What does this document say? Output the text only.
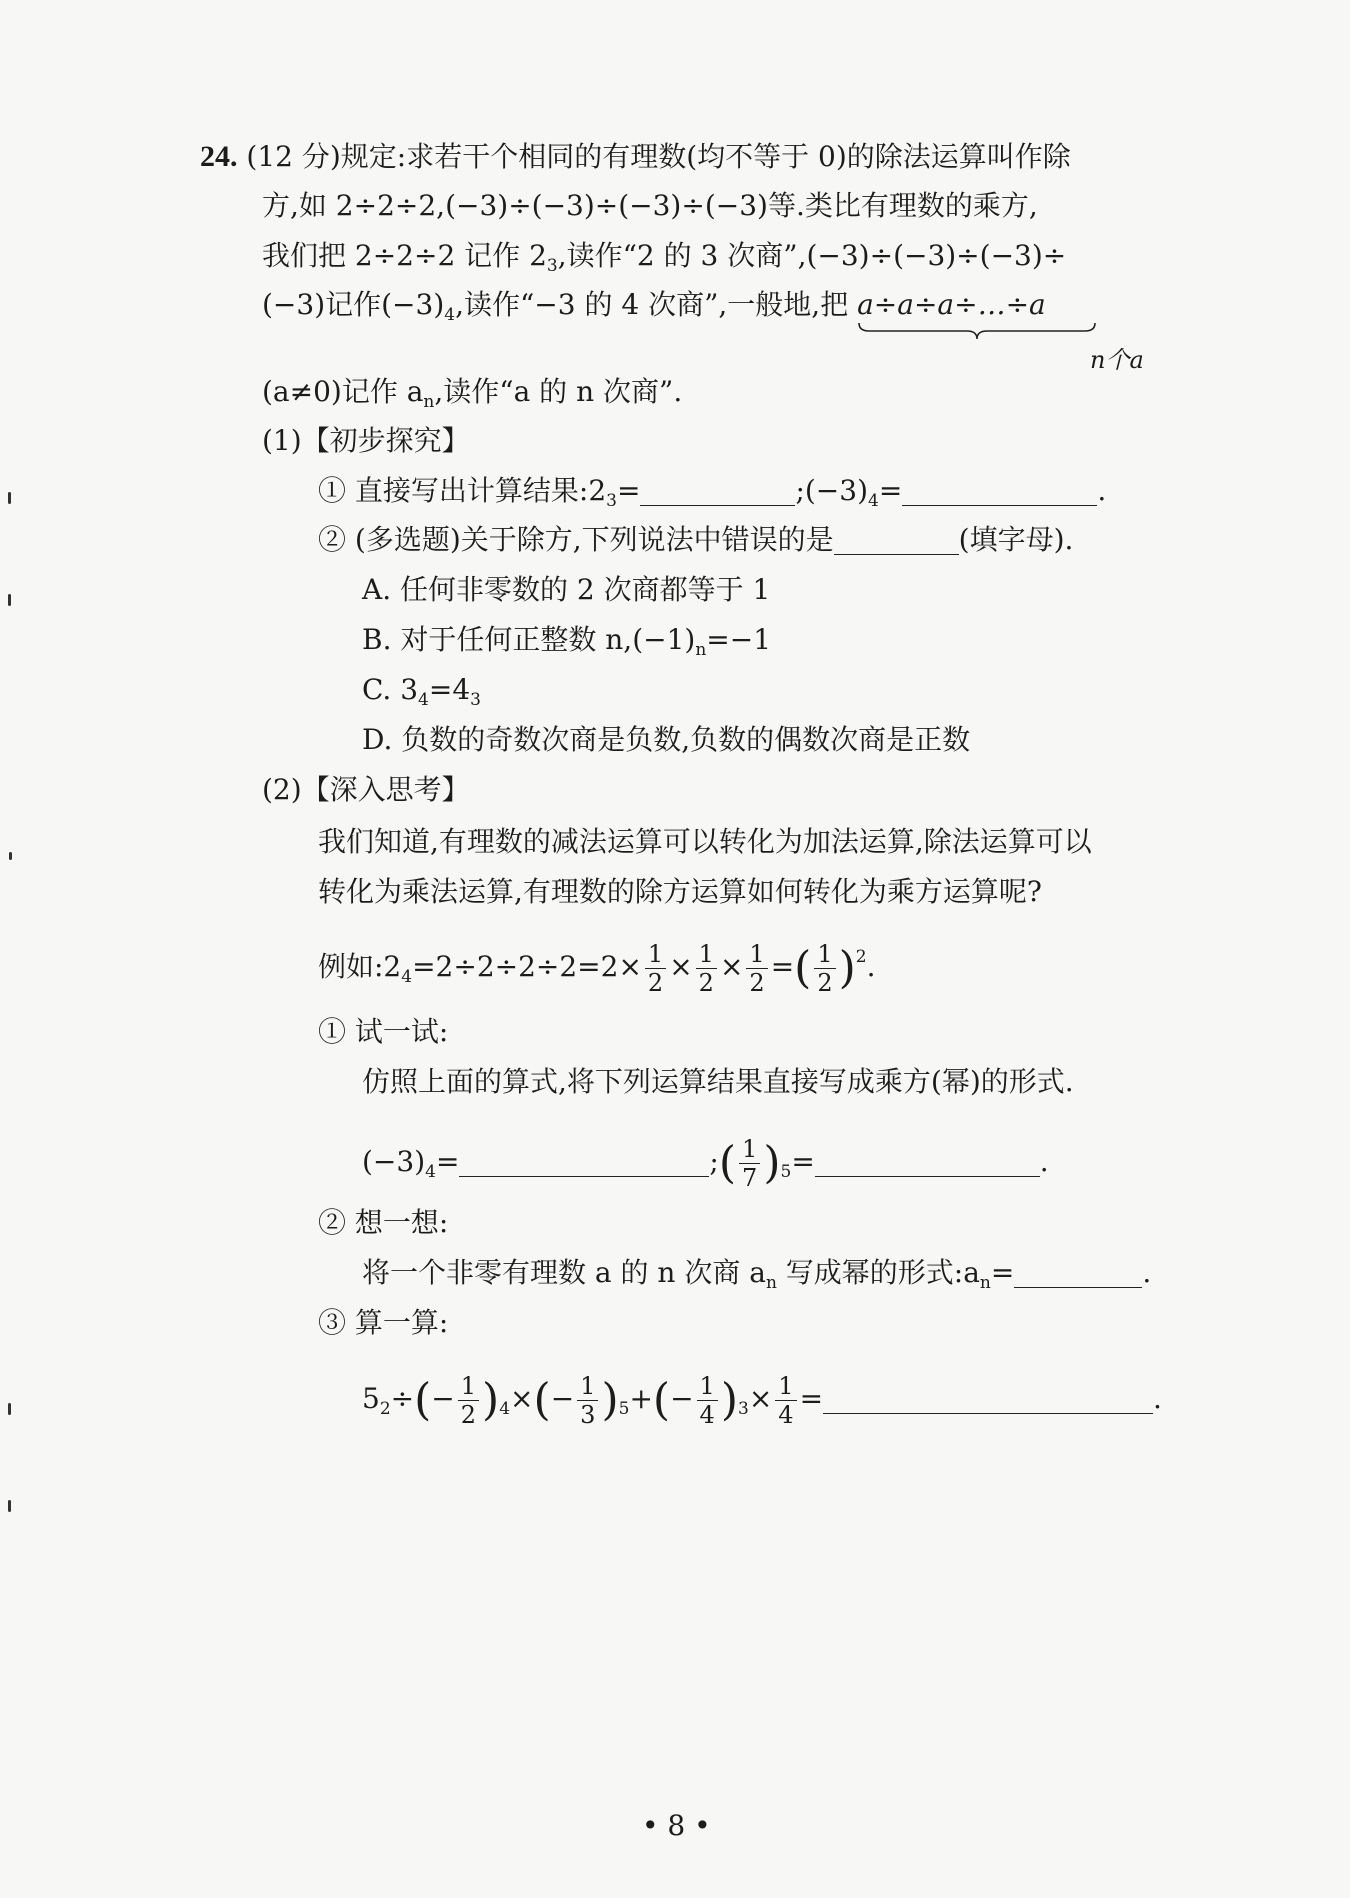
24. (12 分)规定:求若干个相同的有理数(均不等于 0)的除法运算叫作除
方,如 2÷2÷2,(−3)÷(−3)÷(−3)÷(−3)等.类比有理数的乘方,
我们把 2÷2÷2 记作 $2_3$,读作“2 的 3 次商”,(−3)÷(−3)÷(−3)÷
(−3)记作$(-3)_4$,读作“−3 的 4 次商”,一般地,把 a÷a÷a÷…÷a
n个a
(a≠0)记作 $a_n$,读作“a 的 n 次商”.
(1)【初步探究】
① 直接写出计算结果$:2_3=$	$;(-3)_4=$	.
② (多选题)关于除方,下列说法中错误的是	(填字母).
A. 任何非零数的 2 次商都等于 1
B. 对于任何正整数 $n,(-1)_n=-1$
C. $3_4=4_3$
D. 负数的奇数次商是负数,负数的偶数次商是正数
(2)【深入思考】
我们知道,有理数的减法运算可以转化为加法运算,除法运算可以
转化为乘法运算,有理数的除方运算如何转化为乘方运算呢?
例如$:2_4=2\div 2\div 2\div 2=2\times \frac{1}{2} \times \frac{1}{2} \times \frac{1}{2}$ =( $\frac{1}{2} )^2$.
① 试一试:
仿照上面的算式,将下列运算结果直接写成乘方(幂)的形式.
$(-3)_4=$	;( $\frac{1}{7} )_5=$	.
② 想一想:
将一个非零有理数 a 的 n 次商 $a_n$ 写成幂的形式$:a_n=$	.
③ 算一算:
$5_2\div(- \frac{1}{2} )_4\times(- \frac{1}{3} )_5+(- \frac{1}{4} )_3\times \frac{1}{4}$ =	.
• 8 •
